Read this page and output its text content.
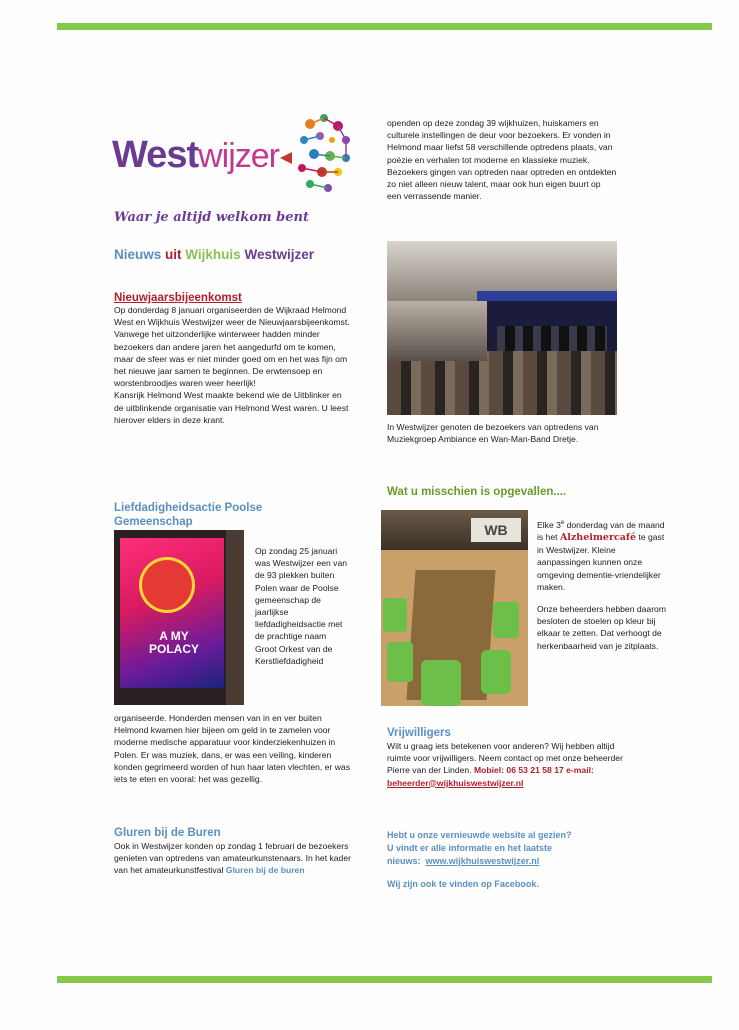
Westwijzer
Waar je altijd welkom bent
Nieuws uit Wijkhuis Westwijzer
Nieuwjaarsbijeenkomst

Op donderdag 8 januari organiseerden de Wijkraad Helmond West en Wijkhuis Westwijzer weer de Nieuwjaarsbijeenkomst. Vanwege het uitzonderlijke winterweer hadden minder bezoekers dan andere jaren het aangedurfd om te komen, maar de sfeer was er niet minder goed om en het was fijn om het nieuwe jaar samen te beginnen. De erwtensoep en worstenbroodjes waren weer heerlijk!

Kansrijk Helmond West maakte bekend wie de Uitblinker en de uitblinkende organisatie van Helmond West waren. U leest hierover elders in deze krant.

Liefdadigheidsactie Poolse Gemeenschap
A MY POLACY

Op zondag 25 januari was Westwijzer een van de 93 plekken buiten Polen waar de Poolse gemeenschap de jaarlijkse liefdadigheidsactie met de prachtige naam Groot Orkest van de Kerstliefdadigheid

organiseerde. Honderden mensen van in en ver buiten Helmond kwamen hier bijeen om geld in te zamelen voor moderne medische apparatuur voor kinderziekenhuizen in Polen. Er was muziek, dans, er was een veiling, kinderen konden gegrimeerd worden of hun haar laten vlechten, er was iets te eten en vooral: het was gezellig.

Gluren bij de Buren

Ook in Westwijzer konden op zondag 1 februari de bezoekers genieten van optredens van amateurkunstenaars. In het kader van het amateurkunstfestival Gluren bij de buren

openden op deze zondag 39 wijkhuizen, huiskamers en culturele instellingen de deur voor bezoekers. Er vonden in Helmond maar liefst 58 verschillende optredens plaats, van poëzie en verhalen tot moderne en klassieke muziek. Bezoekers gingen van optreden naar optreden en ontdekten zo niet alleen nieuw talent, maar ook hun eigen buurt op een verrassende manier.

In Westwijzer genoten de bezoekers van optredens van Muziekgroep Ambiance en Wan-Man-Band Dretje.

Wat u misschien is opgevallen....
WB	Elke 3e donderdag van de maand is het Alzheimercafé te gast in Westwijzer. Kleine aanpassingen kunnen onze omgeving dementie-vriendelijker maken.

Onze beheerders hebben daarom besloten de stoelen op kleur bij elkaar te zetten. Dat verhoogt de herkenbaarheid van je zitplaats.

Vrijwilligers

Wilt u graag iets betekenen voor anderen? Wij hebben altijd ruimte voor vrijwilligers. Neem contact op met onze beheerder Pierre van der Linden. Mobiel: 06 53 21 58 17 e-mail: beheerder@wijkhuiswestwijzer.nl

Hebt u onze vernieuwde website al gezien?
U vindt er alle informatie en het laatste
nieuws: www.wijkhuiswestwijzer.nl
Wij zijn ook te vinden op Facebook.
